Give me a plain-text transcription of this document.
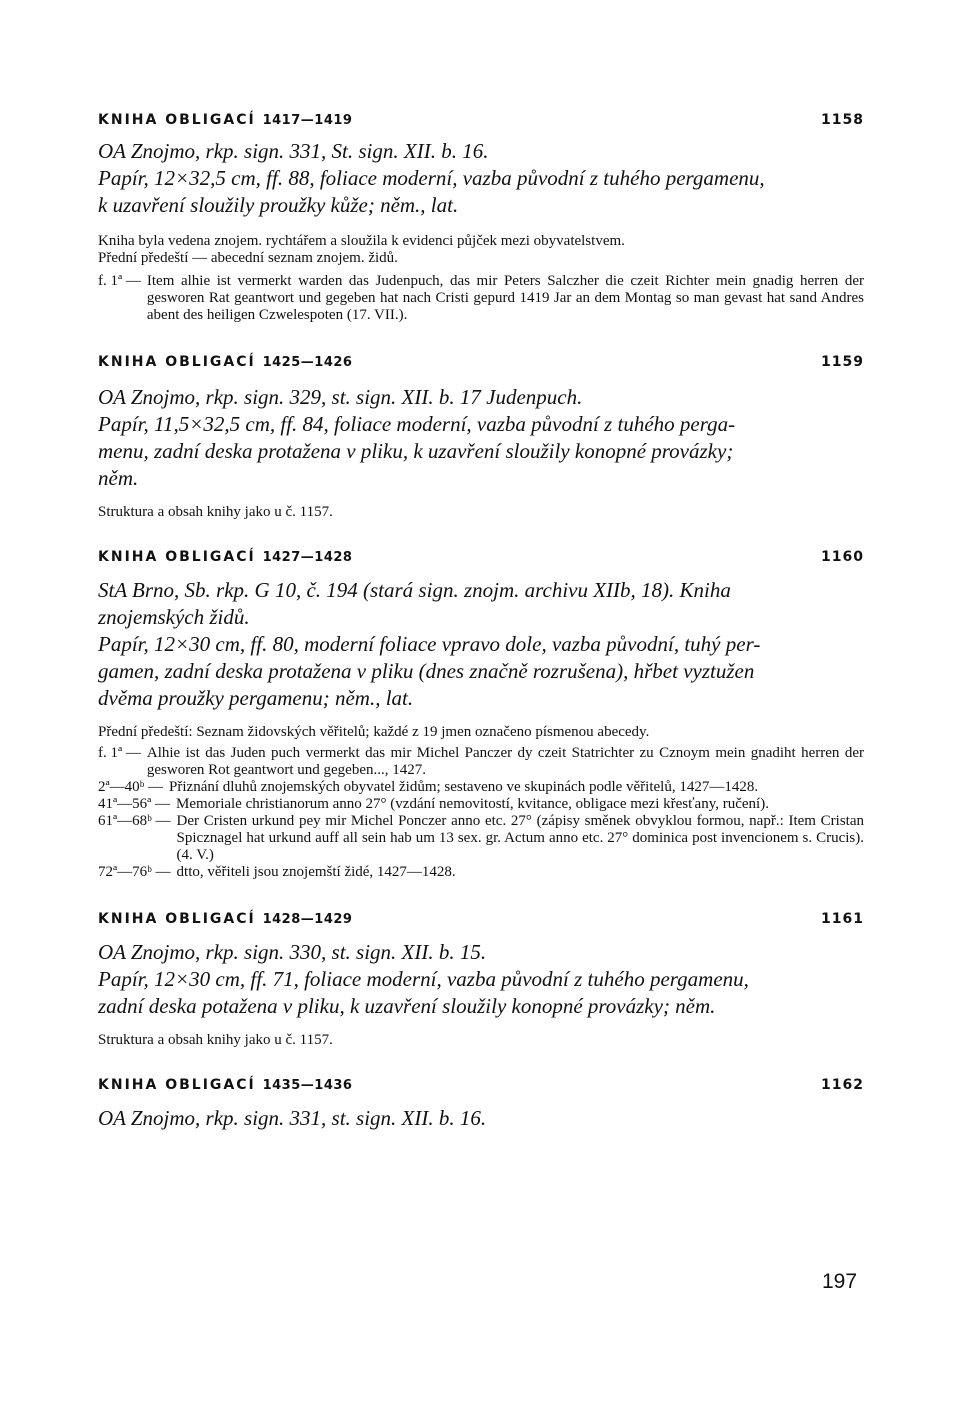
KNIHA OBLIGACÍ 1417—1419	1158

OA Znojmo, rkp. sign. 331, St. sign. XII. b. 16.

Papír, 12×32,5 cm, ff. 88, foliace moderní, vazba původní z tuhého pergamenu,

k uzavření sloužily proužky kůže; něm., lat.

Kniha byla vedena znojem. rychtářem a sloužila k evidenci půjček mezi obyvatelstvem.

Přední předeští — abecední seznam znojem. židů.

f. 1ª — Item alhie ist vermerkt warden das Judenpuch, das mir Peters Salczher die czeit Richter mein gnadig herren der gesworen Rat geantwort und gegeben hat nach Cristi gepurd 1419 Jar an dem Montag so man gevast hat sand Andres abent des heiligen Czwelespoten (17. VII.).
KNIHA OBLIGACÍ 1425—1426	1159

OA Znojmo, rkp. sign. 329, st. sign. XII. b. 17 Judenpuch.

Papír, 11,5×32,5 cm, ff. 84, foliace moderní, vazba původní z tuhého perga-

menu, zadní deska protažena v pliku, k uzavření sloužily konopné provázky;

něm.

Struktura a obsah knihy jako u č. 1157.

KNIHA OBLIGACÍ 1427—1428	1160

StA Brno, Sb. rkp. G 10, č. 194 (stará sign. znojm. archivu XIIb, 18). Kniha

znojemských židů.

Papír, 12×30 cm, ff. 80, moderní foliace vpravo dole, vazba původní, tuhý per-

gamen, zadní deska protažena v pliku (dnes značně rozrušena), hřbet vyztužen

dvěma proužky pergamenu; něm., lat.

Přední předeští: Seznam židovských věřitelů; každé z 19 jmen označeno písmenou abecedy.

f. 1ª — Alhie ist das Juden puch vermerkt das mir Michel Panczer dy czeit Statrichter zu Cznoym mein gnadiht herren der gesworen Rot geantwort und gegeben..., 1427.
2ª—40ᵇ — Přiznání dluhů znojemských obyvatel židům; sestaveno ve skupinách podle věřitelů, 1427—1428.
41ª—56ª — Memoriale christianorum anno 27° (vzdání nemovitostí, kvitance, obligace mezi křesťany, ručení).
61ª—68ᵇ — Der Cristen urkund pey mir Michel Ponczer anno etc. 27° (zápisy směnek obvyklou formou, např.: Item Cristan Spicznagel hat urkund auff all sein hab um 13 sex. gr. Actum anno etc. 27° dominica post invencionem s. Crucis). (4. V.)
72ª—76ᵇ — dtto, věřiteli jsou znojemští židé, 1427—1428.
KNIHA OBLIGACÍ 1428—1429	1161

OA Znojmo, rkp. sign. 330, st. sign. XII. b. 15.

Papír, 12×30 cm, ff. 71, foliace moderní, vazba původní z tuhého pergamenu,

zadní deska potažena v pliku, k uzavření sloužily konopné provázky; něm.

Struktura a obsah knihy jako u č. 1157.

KNIHA OBLIGACÍ 1435—1436	1162

OA Znojmo, rkp. sign. 331, st. sign. XII. b. 16.

197
